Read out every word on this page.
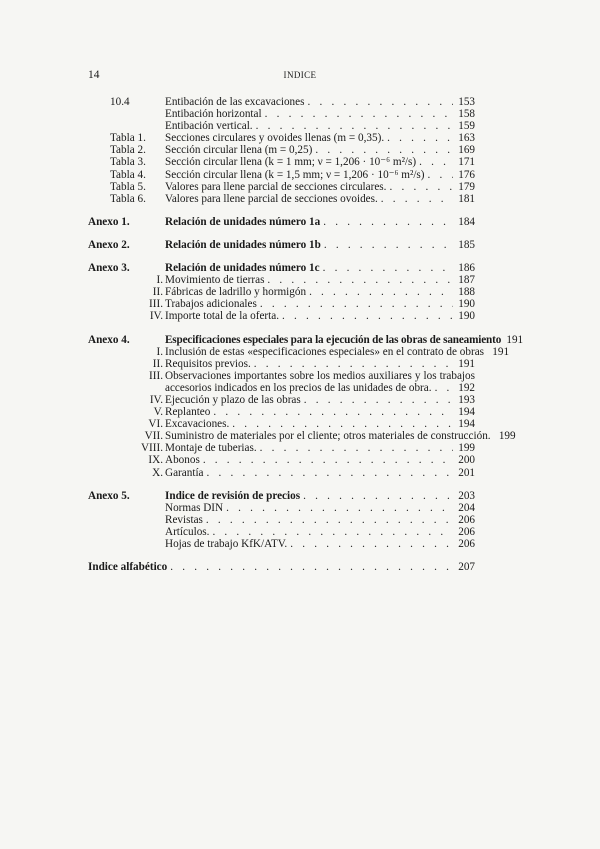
14	INDICE
10.4	Entibación de las excavaciones . . .	153
Entibación horizontal . . .	158
Entibación vertical. . . .	159
Tabla 1. Secciones circulares y ovoides llenas (m = 0,35). . . .	163
Tabla 2. Sección circular llena (m = 0,25) . . .	169
Tabla 3. Sección circular llena (k = 1 mm; ν = 1,206 · 10⁻⁶ m²/s) . . .	171
Tabla 4. Sección circular llena (k = 1,5 mm; ν = 1,206 · 10⁻⁶ m²/s) . . .	176
Tabla 5. Valores para llene parcial de secciones circulares. . . .	179
Tabla 6. Valores para llene parcial de secciones ovoides. . . .	181
Anexo 1.	Relación de unidades número 1a . . .	184
Anexo 2.	Relación de unidades número 1b . . .	185
Anexo 3.	Relación de unidades número 1c . . .	186
I. Movimiento de tierras . . .	187
II. Fábricas de ladrillo y hormigón . . .	188
III. Trabajos adicionales . . .	190
IV. Importe total de la oferta. . . .	190
Anexo 4.	Especificaciones especiales para la ejecución de las obras de saneamiento 191
I. Inclusión de estas «especificaciones especiales» en el contrato de obras . . . 191
II. Requisitos previos. . . .	191
III. Observaciones importantes sobre los medios auxiliares y los trabajos
accesorios indicados en los precios de las unidades de obra. . . .	192
IV. Ejecución y plazo de las obras . . .	193
V. Replanteo . . .	194
VI. Excavaciones. . . .	194
VII. Suministro de materiales por el cliente; otros materiales de construcción. . . . 199
VIII. Montaje de tuberias. . . .	199
IX. Abonos . . .	200
X. Garantía . . .	201
Anexo 5.	Indice de revisión de precios . . .	203
Normas DIN . . .	204
Revistas . . .	206
Artículos. . . .	206
Hojas de trabajo KfK/ATV. . . .	206
Indice alfabético . . .	207
